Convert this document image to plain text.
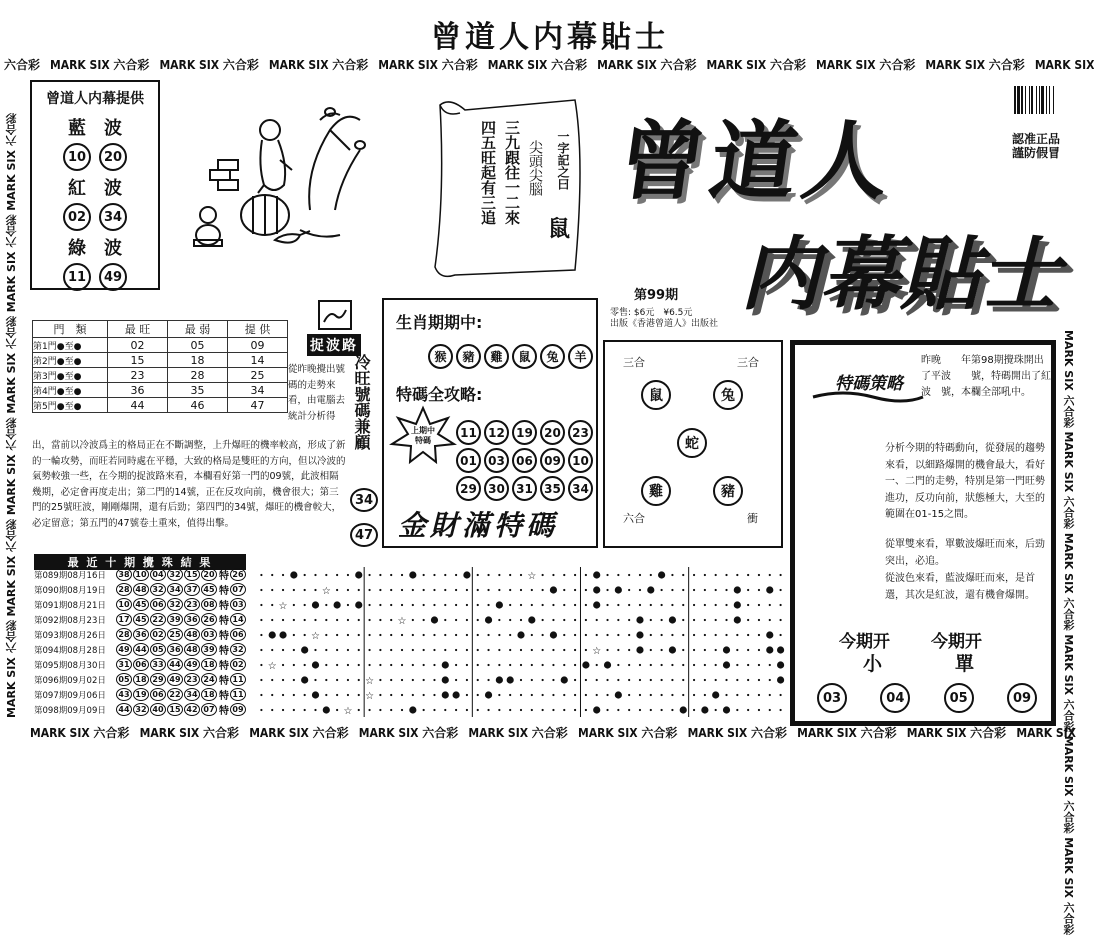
曾道人内幕貼士
六合彩 MARK SIX 六合彩 MARK SIX 六合彩 MARK SIX 六合彩 MARK SIX 六合彩 MARK SIX 六合彩 MARK SIX 六合彩 MARK SIX 六合彩 MARK SIX 六合彩 MARK SIX 六合彩 MARK SIX
MARK SIX 六合彩 MARK SIX 六合彩 MARK SIX 六合彩 MARK SIX 六合彩 MARK SIX 六合彩 MARK SIX 六合彩 MARK SIX 六合彩 MARK SIX 六合彩 MARK SIX 六合彩 MARK SIX
MARK SIX 六合彩 MARK SIX 六合彩 MARK SIX 六合彩 MARK SIX 六合彩 MARK SIX 六合彩 MARK SIX 六合彩	MARK SIX 六合彩 MARK SIX 六合彩 MARK SIX 六合彩 MARK SIX 六合彩 MARK SIX 六合彩 MARK SIX 六合彩
曾道人内幕提供
藍　波
10	20
紅　波
02	34
綠　波
11	49
一字記之曰
鼠
尖頭尖腦
三九跟往一二來
四五旺起有三追 曾道人
内幕貼士
認准正品
謹防假冒
第99期
零售: $6元　¥6.5元
出版《香港曾道人》出版社
門　類	最 旺	最 弱	提 供
第1門●至●	02	05	09
第2門●至●	15	18	14
第3門●至●	23	28	25
第4門●至●	36	35	34
第5門●至●	44	46	47
捉波路
冷旺號碼兼顧
從昨晚攪出號碼的走勢來看，由電腦去統計分析得
出，當前以冷波爲主的格局正在不斷調整，上升爆旺的機率較高，形成了新的一輪攻勢，而旺若同時處在平穩，大致的格局是雙旺的方向，但以冷波的氣勢較強一些，在今期的捉波路來看，本欄看好第一門的09號，此波相隔幾期，必定會再度走出；第二門的14號，正在反攻向前，機會很大；第三門的25號旺波，剛剛爆開，還有后勁；第四門的34號，爆旺的機會較大，必定留意；第五門的47號卷土重來，值得出擊。
34
47
生肖期期中:
猴	豬	雞	鼠	兔	羊
特碼全攻略:
上期中特碼
11 12 19 20 23
01 03 06 09 10
29 30 31 35 34
金財滿特碼
三合	三合
六合	衝
鼠	兔
蛇
雞	豬
特碼策略
昨晚　　年第98期攪珠開出了平波　　號，特碼開出了紅波　號，本欄全部吼中。
分析今期的特碼動向，從發展的趨勢來看，以細路爆開的機會最大，看好一、二門的走勢，特別是第一門旺勢進功，反功向前，狀態極大，大至的範圍在01-15之間。
從單雙來看，單數波爆旺而來，后勁突出，必追。
從波色來看，藍波爆旺而來，是首選，其次是紅波，還有機會爆開。
今期开
小
今期开
單
03	04	05	09
最 近 十 期 攪 珠 結 果
第089期08月16日	38 10 04 32 15 20 特 26
第090期08月19日	28 48 32 34 37 45 特 07
第091期08月21日	10 45 06 32 23 08 特 03
第092期08月23日	17 45 22 39 36 26 特 14
第093期08月26日	28 36 02 25 48 03 特 06
第094期08月28日	49 44 05 36 48 39 特 32
第095期08月30日	31 06 33 44 49 18 特 02
第096期09月02日	05 18 29 49 23 24 特 11
第097期09月06日	43 19 06 22 34 18 特 11
第098期09月09日	44 32 40 15 42 07 特 09
☆
☆
☆
☆
☆
☆
☆
☆
☆
☆
